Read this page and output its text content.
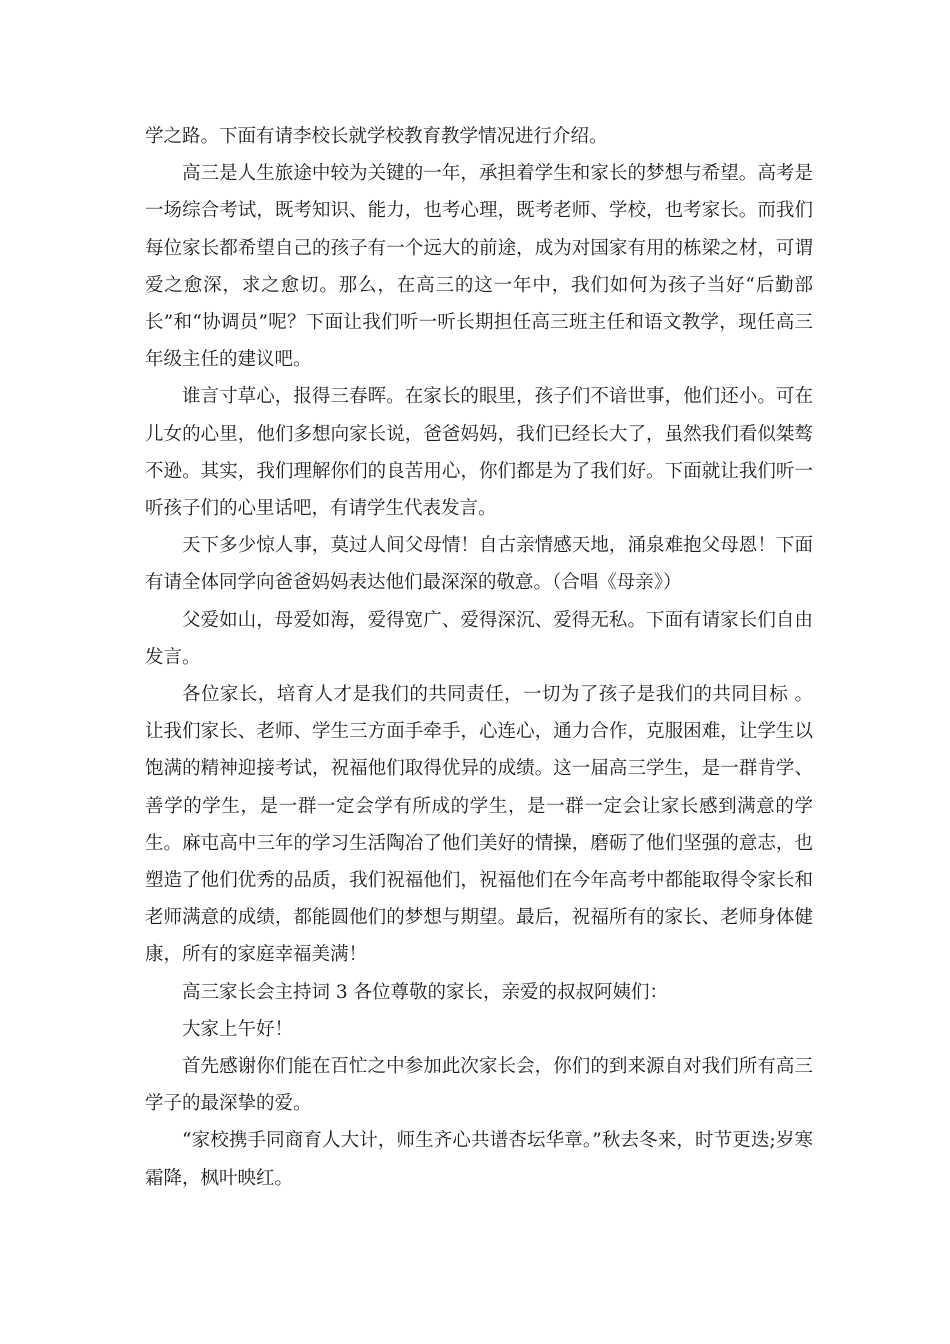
学之路。下面有请李校长就学校教育教学情况进行介绍。

高三是人生旅途中较为关键的一年，承担着学生和家长的梦想与希望。高考是一场综合考试，既考知识、能力，也考心理，既考老师、学校，也考家长。而我们每位家长都希望自己的孩子有一个远大的前途，成为对国家有用的栋梁之材，可谓爱之愈深，求之愈切。那么，在高三的这一年中，我们如何为孩子当好“后勤部长”和“协调员”呢？下面让我们听一听长期担任高三班主任和语文教学，现任高三年级主任的建议吧。

谁言寸草心，报得三春晖。在家长的眼里，孩子们不谙世事，他们还小。可在儿女的心里，他们多想向家长说，爸爸妈妈，我们已经长大了，虽然我们看似桀骜不逊。其实，我们理解你们的良苦用心，你们都是为了我们好。下面就让我们听一听孩子们的心里话吧，有请学生代表发言。

天下多少惊人事，莫过人间父母情！自古亲情感天地，涌泉难抱父母恩！下面有请全体同学向爸爸妈妈表达他们最深深的敬意。（合唱《母亲》）

父爱如山，母爱如海，爱得宽广、爱得深沉、爱得无私。下面有请家长们自由发言。

各位家长，培育人才是我们的共同责任，一切为了孩子是我们的共同目标 。让我们家长、老师、学生三方面手牵手，心连心，通力合作，克服困难，让学生以饱满的精神迎接考试，祝福他们取得优异的成绩。这一届高三学生，是一群肯学、善学的学生，是一群一定会学有所成的学生，是一群一定会让家长感到满意的学生。麻屯高中三年的学习生活陶冶了他们美好的情操，磨砺了他们坚强的意志，也塑造了他们优秀的品质，我们祝福他们，祝福他们在今年高考中都能取得令家长和老师满意的成绩，都能圆他们的梦想与期望。最后，祝福所有的家长、老师身体健康，所有的家庭幸福美满！

高三家长会主持词 3 各位尊敬的家长，亲爱的叔叔阿姨们：

大家上午好！

首先感谢你们能在百忙之中参加此次家长会，你们的到来源自对我们所有高三学子的最深挚的爱。

“家校携手同商育人大计，师生齐心共谱杏坛华章。”秋去冬来，时节更迭;岁寒霜降，枫叶映红。
